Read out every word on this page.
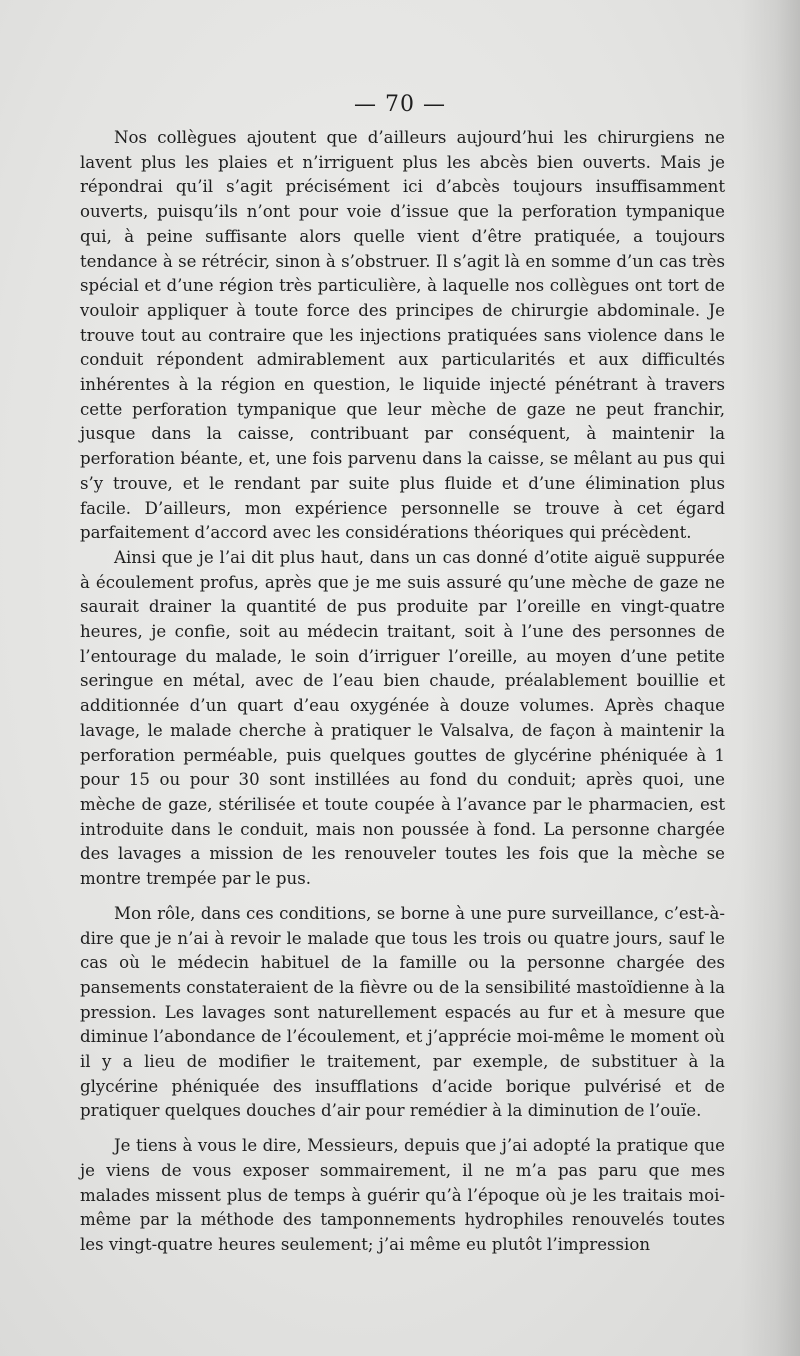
— 70 —

Nos collègues ajoutent que d’ailleurs aujourd’hui les chirurgiens ne lavent plus les plaies et n’irriguent plus les abcès bien ouverts. Mais je répondrai qu’il s’agit précisément ici d’abcès toujours insuffisamment ouverts, puisqu’ils n’ont pour voie d’issue que la perforation tympanique qui, à peine suffisante alors quelle vient d’être pratiquée, a toujours tendance à se rétrécir, sinon à s’obstruer. Il s’agit là en somme d’un cas très spécial et d’une région très particulière, à laquelle nos collègues ont tort de vouloir appliquer à toute force des principes de chirurgie abdominale. Je trouve tout au contraire que les injections pratiquées sans violence dans le conduit répondent admirablement aux particularités et aux difficultés inhérentes à la région en question, le liquide injecté pénétrant à travers cette perforation tympanique que leur mèche de gaze ne peut franchir, jusque dans la caisse, contribuant par conséquent, à maintenir la perforation béante, et, une fois parvenu dans la caisse, se mêlant au pus qui s’y trouve, et le rendant par suite plus fluide et d’une élimination plus facile. D’ailleurs, mon expérience personnelle se trouve à cet égard parfaitement d’accord avec les considérations théoriques qui précèdent.

Ainsi que je l’ai dit plus haut, dans un cas donné d’otite aiguë suppurée à écoulement profus, après que je me suis assuré qu’une mèche de gaze ne saurait drainer la quantité de pus produite par l’oreille en vingt-quatre heures, je confie, soit au médecin traitant, soit à l’une des personnes de l’entourage du malade, le soin d’irriguer l’oreille, au moyen d’une petite seringue en métal, avec de l’eau bien chaude, préalablement bouillie et additionnée d’un quart d’eau oxygénée à douze volumes. Après chaque lavage, le malade cherche à pratiquer le Valsalva, de façon à maintenir la perforation perméable, puis quelques gouttes de glycérine phéniquée à 1 pour 15 ou pour 30 sont instillées au fond du conduit; après quoi, une mèche de gaze, stérilisée et toute coupée à l’avance par le pharmacien, est introduite dans le conduit, mais non poussée à fond. La personne chargée des lavages a mission de les renouveler toutes les fois que la mèche se montre trempée par le pus.

Mon rôle, dans ces conditions, se borne à une pure surveillance, c’est-à-dire que je n’ai à revoir le malade que tous les trois ou quatre jours, sauf le cas où le médecin habituel de la famille ou la personne chargée des pansements constateraient de la fièvre ou de la sensibilité mastoïdienne à la pression. Les lavages sont naturellement espacés au fur et à mesure que diminue l’abondance de l’écoulement, et j’apprécie moi-même le moment où il y a lieu de modifier le traitement, par exemple, de substituer à la glycérine phéniquée des insufflations d’acide borique pulvérisé et de pratiquer quelques douches d’air pour remédier à la diminution de l’ouïe.

Je tiens à vous le dire, Messieurs, depuis que j’ai adopté la pratique que je viens de vous exposer sommairement, il ne m’a pas paru que mes malades missent plus de temps à guérir qu’à l’époque où je les traitais moi-même par la méthode des tamponnements hydrophiles renouvelés toutes les vingt-quatre heures seulement; j’ai même eu plutôt l’impression
